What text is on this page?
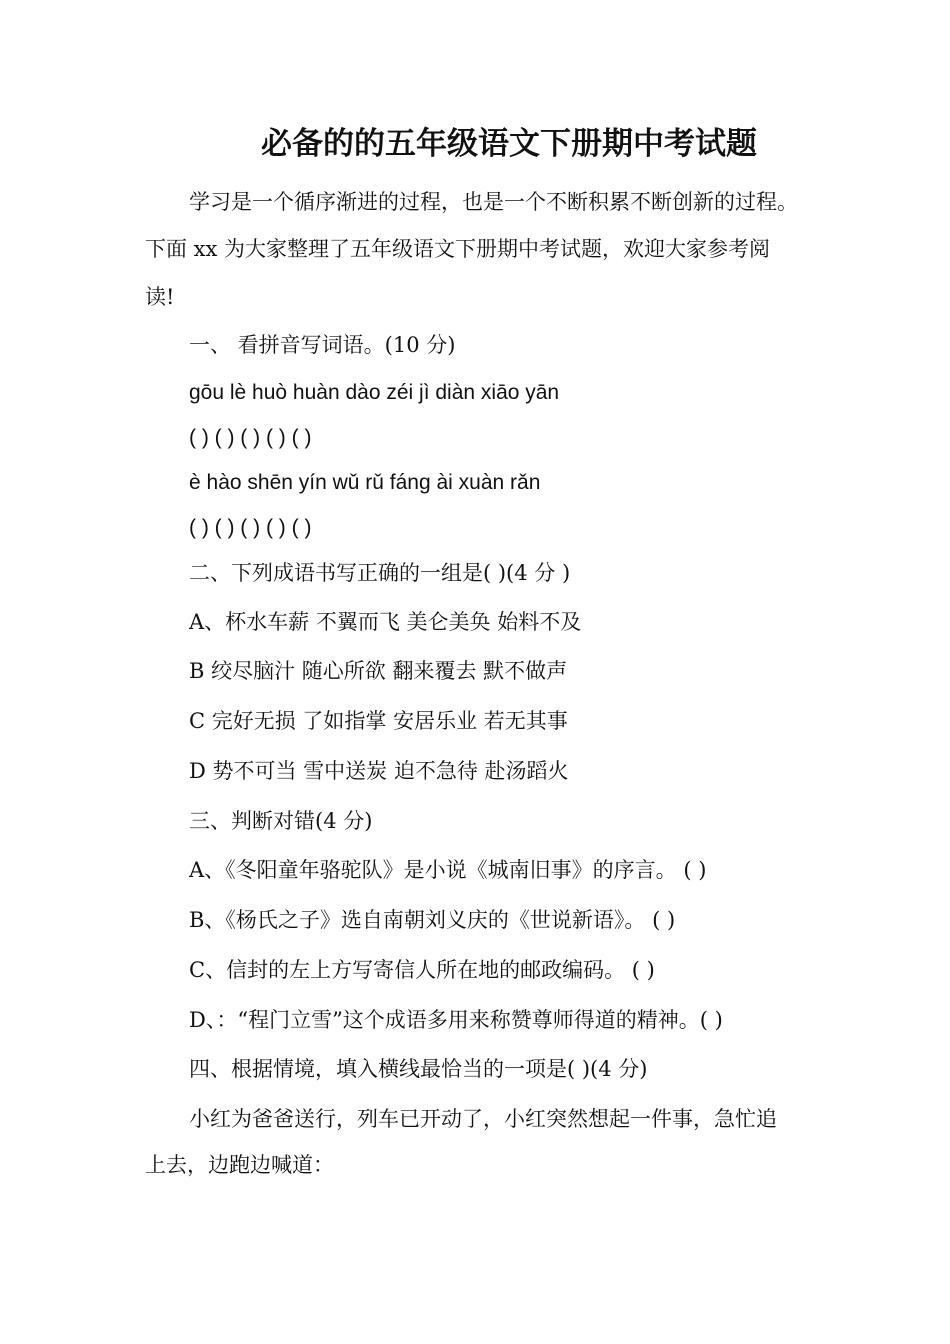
必备的的五年级语文下册期中考试题
学习是一个循序渐进的过程，也是一个不断积累不断创新的过程。
下面 xx 为大家整理了五年级语文下册期中考试题，欢迎大家参考阅
读!
一、 看拼音写词语。(10 分)
gōu lè huò huàn dào zéi jì diàn xiāo yān
( ) ( ) ( ) ( ) ( )
è hào shēn yín wǔ rǔ fáng ài xuàn rǎn
( ) ( ) ( ) ( ) ( )
二、下列成语书写正确的一组是( )(4 分 )
A、杯水车薪 不翼而飞 美仑美奂 始料不及
B 绞尽脑汁 随心所欲 翻来覆去 默不做声
C 完好无损 了如指掌 安居乐业 若无其事
D 势不可当 雪中送炭 迫不急待 赴汤蹈火
三、判断对错(4 分)
A、《冬阳童年骆驼队》是小说《城南旧事》的序言。 ( )
B、《杨氏之子》选自南朝刘义庆的《世说新语》。 ( )
C、信封的左上方写寄信人所在地的邮政编码。 ( )
D、：“程门立雪”这个成语多用来称赞尊师得道的精神。( )
四、根据情境，填入横线最恰当的一项是( )(4 分)
小红为爸爸送行，列车已开动了，小红突然想起一件事，急忙追
上去，边跑边喊道：
